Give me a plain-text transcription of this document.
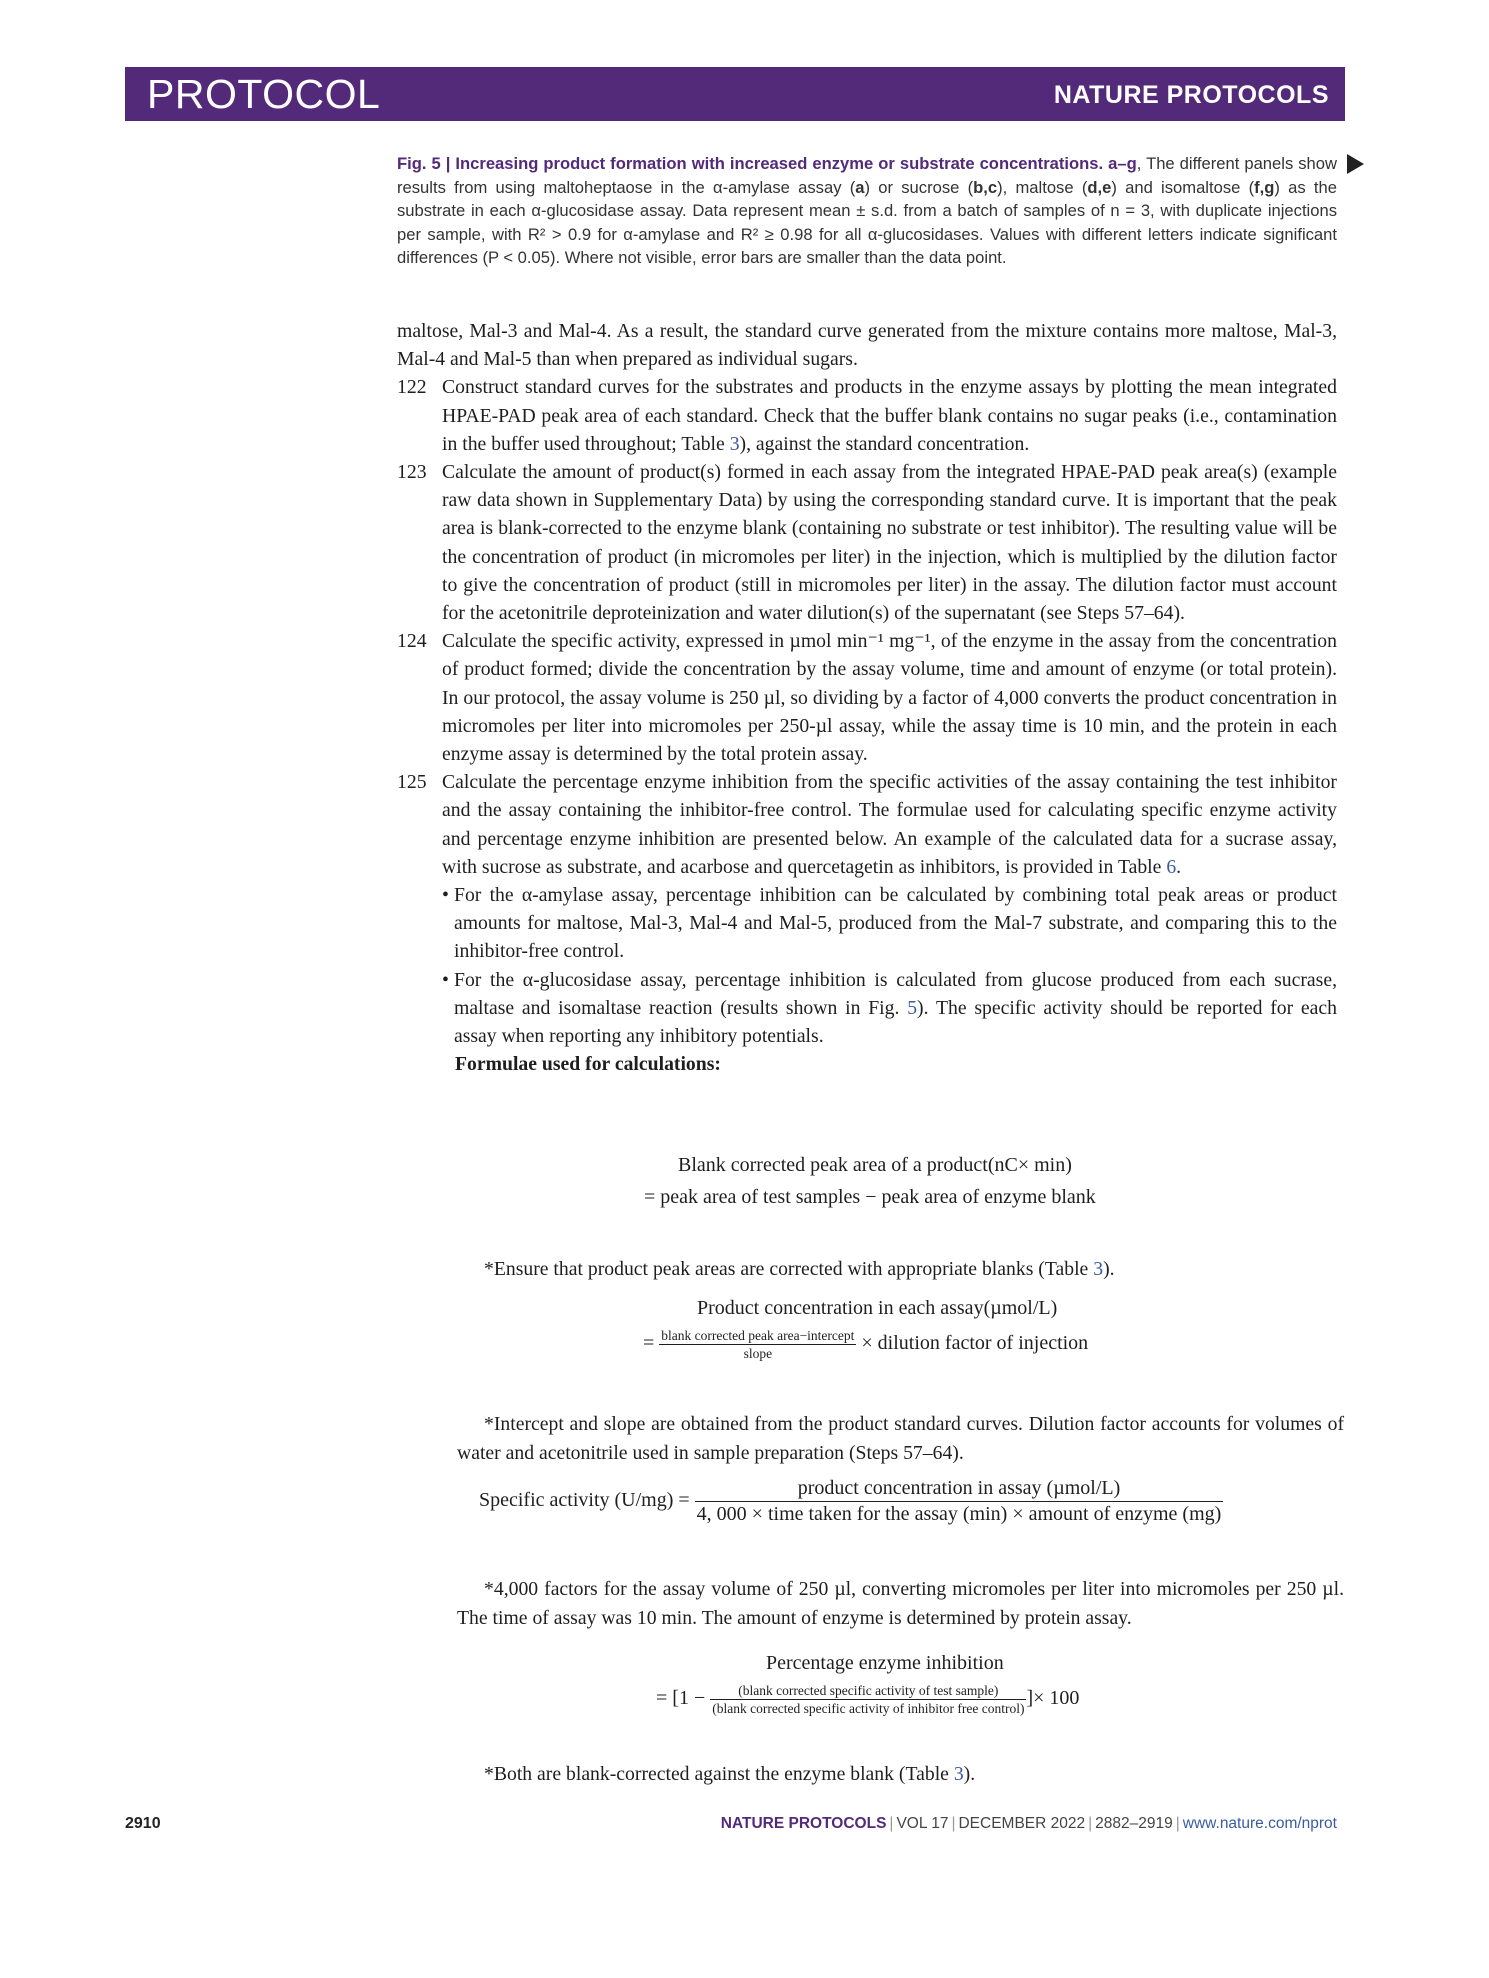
PROTOCOL	NATURE PROTOCOLS
Fig. 5 | Increasing product formation with increased enzyme or substrate concentrations. a–g, The different panels show results from using maltoheptaose in the α-amylase assay (a) or sucrose (b,c), maltose (d,e) and isomaltose (f,g) as the substrate in each α-glucosidase assay. Data represent mean ± s.d. from a batch of samples of n = 3, with duplicate injections per sample, with R² > 0.9 for α-amylase and R² ≥ 0.98 for all α-glucosidases. Values with different letters indicate significant differences (P < 0.05). Where not visible, error bars are smaller than the data point.

maltose, Mal-3 and Mal-4. As a result, the standard curve generated from the mixture contains more maltose, Mal-3, Mal-4 and Mal-5 than when prepared as individual sugars.

122 Construct standard curves for the substrates and products in the enzyme assays by plotting the mean integrated HPAE-PAD peak area of each standard. Check that the buffer blank contains no sugar peaks (i.e., contamination in the buffer used throughout; Table 3), against the standard concentration.

123 Calculate the amount of product(s) formed in each assay from the integrated HPAE-PAD peak area(s) (example raw data shown in Supplementary Data) by using the corresponding standard curve. It is important that the peak area is blank-corrected to the enzyme blank (containing no substrate or test inhibitor). The resulting value will be the concentration of product (in micromoles per liter) in the injection, which is multiplied by the dilution factor to give the concentration of product (still in micromoles per liter) in the assay. The dilution factor must account for the acetonitrile deproteinization and water dilution(s) of the supernatant (see Steps 57–64).

124 Calculate the specific activity, expressed in µmol min⁻¹ mg⁻¹, of the enzyme in the assay from the concentration of product formed; divide the concentration by the assay volume, time and amount of enzyme (or total protein). In our protocol, the assay volume is 250 µl, so dividing by a factor of 4,000 converts the product concentration in micromoles per liter into micromoles per 250-µl assay, while the assay time is 10 min, and the protein in each enzyme assay is determined by the total protein assay.

125 Calculate the percentage enzyme inhibition from the specific activities of the assay containing the test inhibitor and the assay containing the inhibitor-free control. The formulae used for calculating specific enzyme activity and percentage enzyme inhibition are presented below. An example of the calculated data for a sucrase assay, with sucrose as substrate, and acarbose and quercetagetin as inhibitors, is provided in Table 6.

• For the α-amylase assay, percentage inhibition can be calculated by combining total peak areas or product amounts for maltose, Mal-3, Mal-4 and Mal-5, produced from the Mal-7 substrate, and comparing this to the inhibitor-free control.

• For the α-glucosidase assay, percentage inhibition is calculated from glucose produced from each sucrase, maltase and isomaltase reaction (results shown in Fig. 5). The specific activity should be reported for each assay when reporting any inhibitory potentials.

Formulae used for calculations:

Blank corrected peak area of a product(nC× min)
= peak area of test samples − peak area of enzyme blank
*Ensure that product peak areas are corrected with appropriate blanks (Table 3).
Product concentration in each assay(µmol/L)
= $\frac{\text{blank corrected peak area−intercept}}{\text{slope}}$ × dilution factor of injection
*Intercept and slope are obtained from the product standard curves. Dilution factor accounts for volumes of water and acetonitrile used in sample preparation (Steps 57–64).
Specific activity (U/mg) =
product concentration in assay (µmol/L)
4, 000 × time taken for the assay (min) × amount of enzyme (mg)
*4,000 factors for the assay volume of 250 µl, converting micromoles per liter into micromoles per 250 µl. The time of assay was 10 min. The amount of enzyme is determined by protein assay.
Percentage enzyme inhibition
= [1 −	(blank corrected specific activity of test sample)
(blank corrected specific activity of inhibitor free control) ]× 100
*Both are blank-corrected against the enzyme blank (Table 3).
2910	NATURE PROTOCOLS | VOL 17 | DECEMBER 2022 | 2882–2919 | www.nature.com/nprot
